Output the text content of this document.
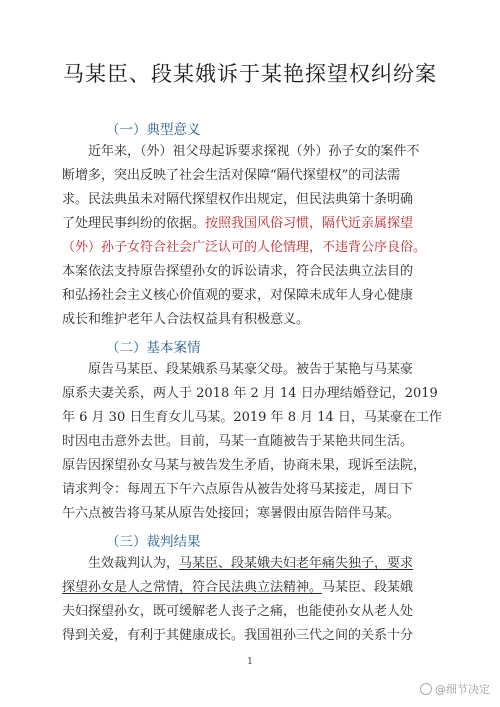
马某臣、段某娥诉于某艳探望权纠纷案
（一）典型意义
近年来，（外）祖父母起诉要求探视（外）孙子女的案件不
断增多，突出反映了社会生活对保障“隔代探望权”的司法需
求。民法典虽未对隔代探望权作出规定，但民法典第十条明确
了处理民事纠纷的依据。按照我国风俗习惯，隔代近亲属探望
（外）孙子女符合社会广泛认可的人伦情理，不违背公序良俗。
本案依法支持原告探望孙女的诉讼请求，符合民法典立法目的
和弘扬社会主义核心价值观的要求，对保障未成年人身心健康
成长和维护老年人合法权益具有积极意义。
（二）基本案情
原告马某臣、段某娥系马某豪父母。被告于某艳与马某豪
原系夫妻关系，两人于 2018 年 2 月 14 日办理结婚登记，2019
年 6 月 30 日生育女儿马某。2019 年 8 月 14 日，马某豪在工作
时因电击意外去世。目前，马某一直随被告于某艳共同生活。
原告因探望孙女马某与被告发生矛盾，协商未果，现诉至法院，
请求判令：每周五下午六点原告从被告处将马某接走，周日下
午六点被告将马某从原告处接回；寒暑假由原告陪伴马某。
（三）裁判结果
生效裁判认为，马某臣、段某娥夫妇老年痛失独子，要求
探望孙女是人之常情，符合民法典立法精神。马某臣、段某娥
夫妇探望孙女，既可缓解老人丧子之痛，也能使孙女从老人处
得到关爱，有利于其健康成长。我国祖孙三代之间的关系十分
1
@细节决定
